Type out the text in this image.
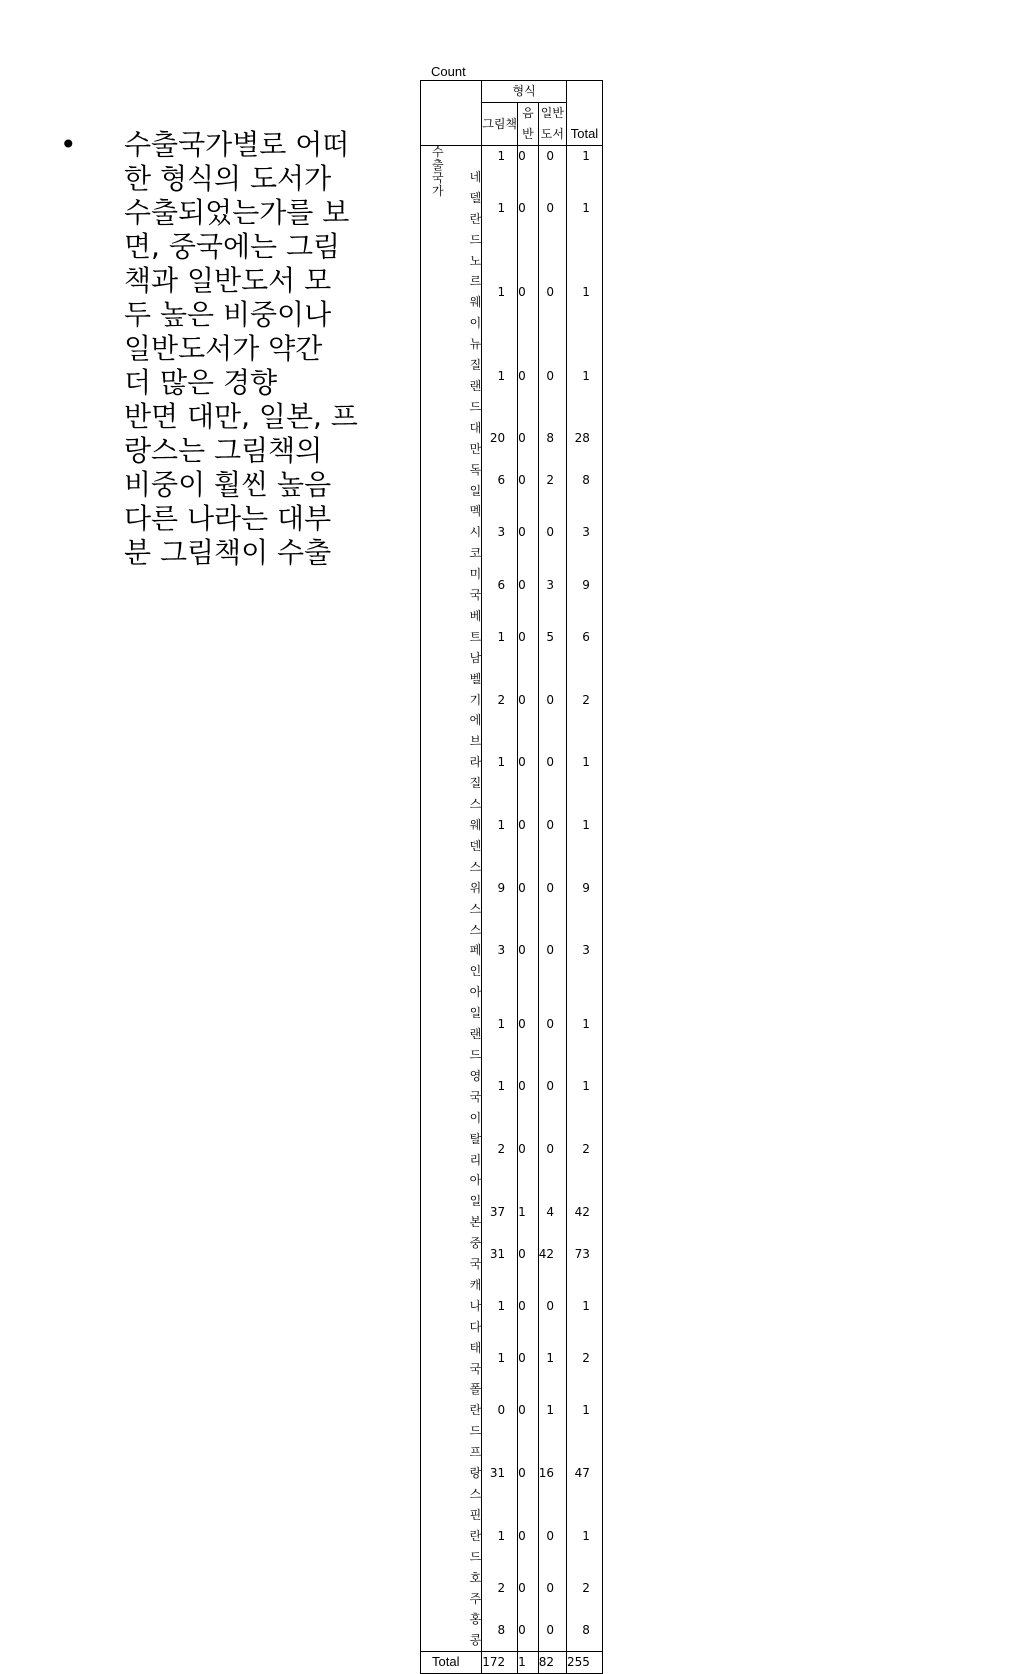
• 수출국가별로 어떠
한 형식의 도서가
수출되었는가를 보
면, 중국에는 그림
책과 일반도서 모
두 높은 비중이나
일반도서가 약간
더 많은 경향
반면 대만, 일본, 프
랑스는 그림책의
비중이 훨씬 높음
다른 나라는 대부
분 그림책이 수출
Count
		형식			Total
		그림책	음반	일반도서	

수출
국가		1	0	0	1
	네델란드	1	0	0	1
	노르웨이	1	0	0	1
	뉴질랜드	1	0	0	1
	대만	20	0	8	28
	독일	6	0	2	8
	멕시코	3	0	0	3
	미국	6	0	3	9
	베트남	1	0	5	6
	벨기에	2	0	0	2
	브라질	1	0	0	1
	스웨덴	1	0	0	1
	스위스	9	0	0	9
	스페인	3	0	0	3
	아일랜드	1	0	0	1
	영국	1	0	0	1
	이탈리아	2	0	0	2
	일본	37	1	4	42
	중국	31	0	42	73
	캐나다	1	0	0	1
	태국	1	0	1	2
	폴란드	0	0	1	1
	프랑스	31	0	16	47
	핀란드	1	0	0	1
	호주	2	0	0	2
	홍콩	8	0	0	8
Total		172	1	82	255
